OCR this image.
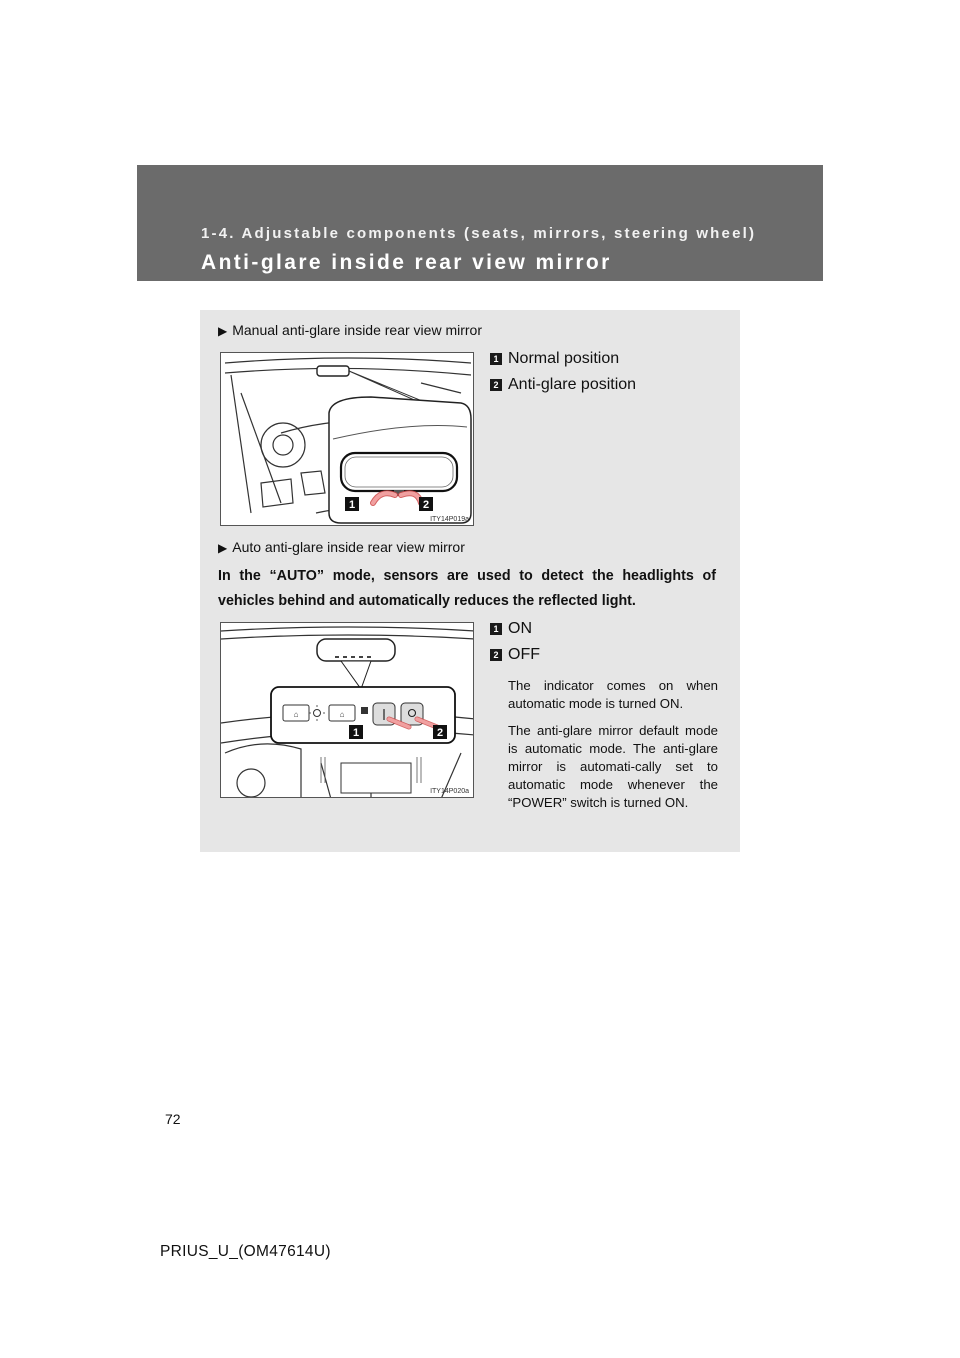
1-4. Adjustable components (seats, mirrors, steering wheel)
Anti-glare inside rear view mirror
▶ Manual anti-glare inside rear view mirror
1	2
ITY14P019a
1 Normal position
2 Anti-glare position
▶ Auto anti-glare inside rear view mirror
In the “AUTO” mode, sensors are used to detect the headlights of vehicles behind and automatically reduces the reflected light.
⌂	⌂
1	2
ITY14P020a
1 ON
2 OFF
The indicator comes on when automatic mode is turned ON.
The anti-glare mirror default mode is automatic mode. The anti-glare mirror is automati-cally set to automatic mode whenever the “POWER” switch is turned ON.
72
PRIUS_U_(OM47614U)
